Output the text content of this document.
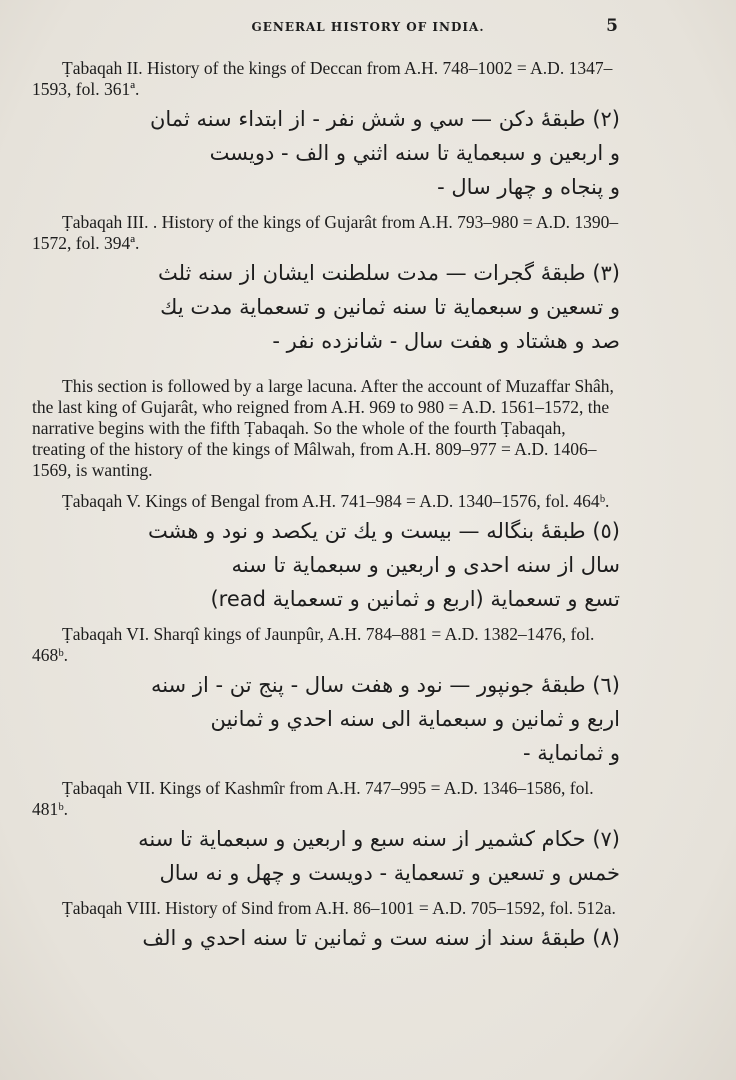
GENERAL HISTORY OF INDIA.	5

Ṭabaqah II. History of the kings of Deccan from A.H. 748–1002 = A.D. 1347–1593, fol. 361ª.

(٢) طبقۀ دکن — سي و شش نفر - از ابتداء سنه ثمان
و اربعين و سبعماية تا سنه اثني و الف - دويست
و پنجاه و چهار سال -

Ṭabaqah III. . History of the kings of Gujarât from A.H. 793–980 = A.D. 1390–1572, fol. 394ª.

(٣) طبقۀ گجرات — مدت سلطنت ايشان از سنه ثلث
و تسعين و سبعماية تا سنه ثمانين و تسعماية مدت يك
صد و هشتاد و هفت سال - شانزده نفر -

This section is followed by a large lacuna. After the account of Muzaffar Shâh, the last king of Gujarât, who reigned from A.H. 969 to 980 = A.D. 1561–1572, the narrative begins with the fifth Ṭabaqah. So the whole of the fourth Ṭabaqah, treating of the history of the kings of Mâlwah, from A.H. 809–977 = A.D. 1406–1569, is wanting.

Ṭabaqah V. Kings of Bengal from A.H. 741–984 = A.D. 1340–1576, fol. 464ᵇ.

(٥) طبقۀ بنگاله — بيست و يك تن يكصد و نود و هشت
سال از سنه احدى و اربعين و سبعماية تا سنه
تسع و تسعماية (اربع و ثمانين و تسعماية read)

Ṭabaqah VI. Sharqî kings of Jaunpûr, A.H. 784–881 = A.D. 1382–1476, fol. 468ᵇ.

(٦) طبقۀ جونپور — نود و هفت سال - پنج تن - از سنه
اربع و ثمانين و سبعماية الى سنه احدي و ثمانين
و ثمانماية -

Ṭabaqah VII. Kings of Kashmîr from A.H. 747–995 = A.D. 1346–1586, fol. 481ᵇ.

(٧) حكام كشمير از سنه سبع و اربعين و سبعماية تا سنه
خمس و تسعين و تسعماية - دويست و چهل و نه سال

Ṭabaqah VIII. History of Sind from A.H. 86–1001 = A.D. 705–1592, fol. 512a.

(٨) طبقۀ سند از سنه ست و ثمانين تا سنه احدي و الف
